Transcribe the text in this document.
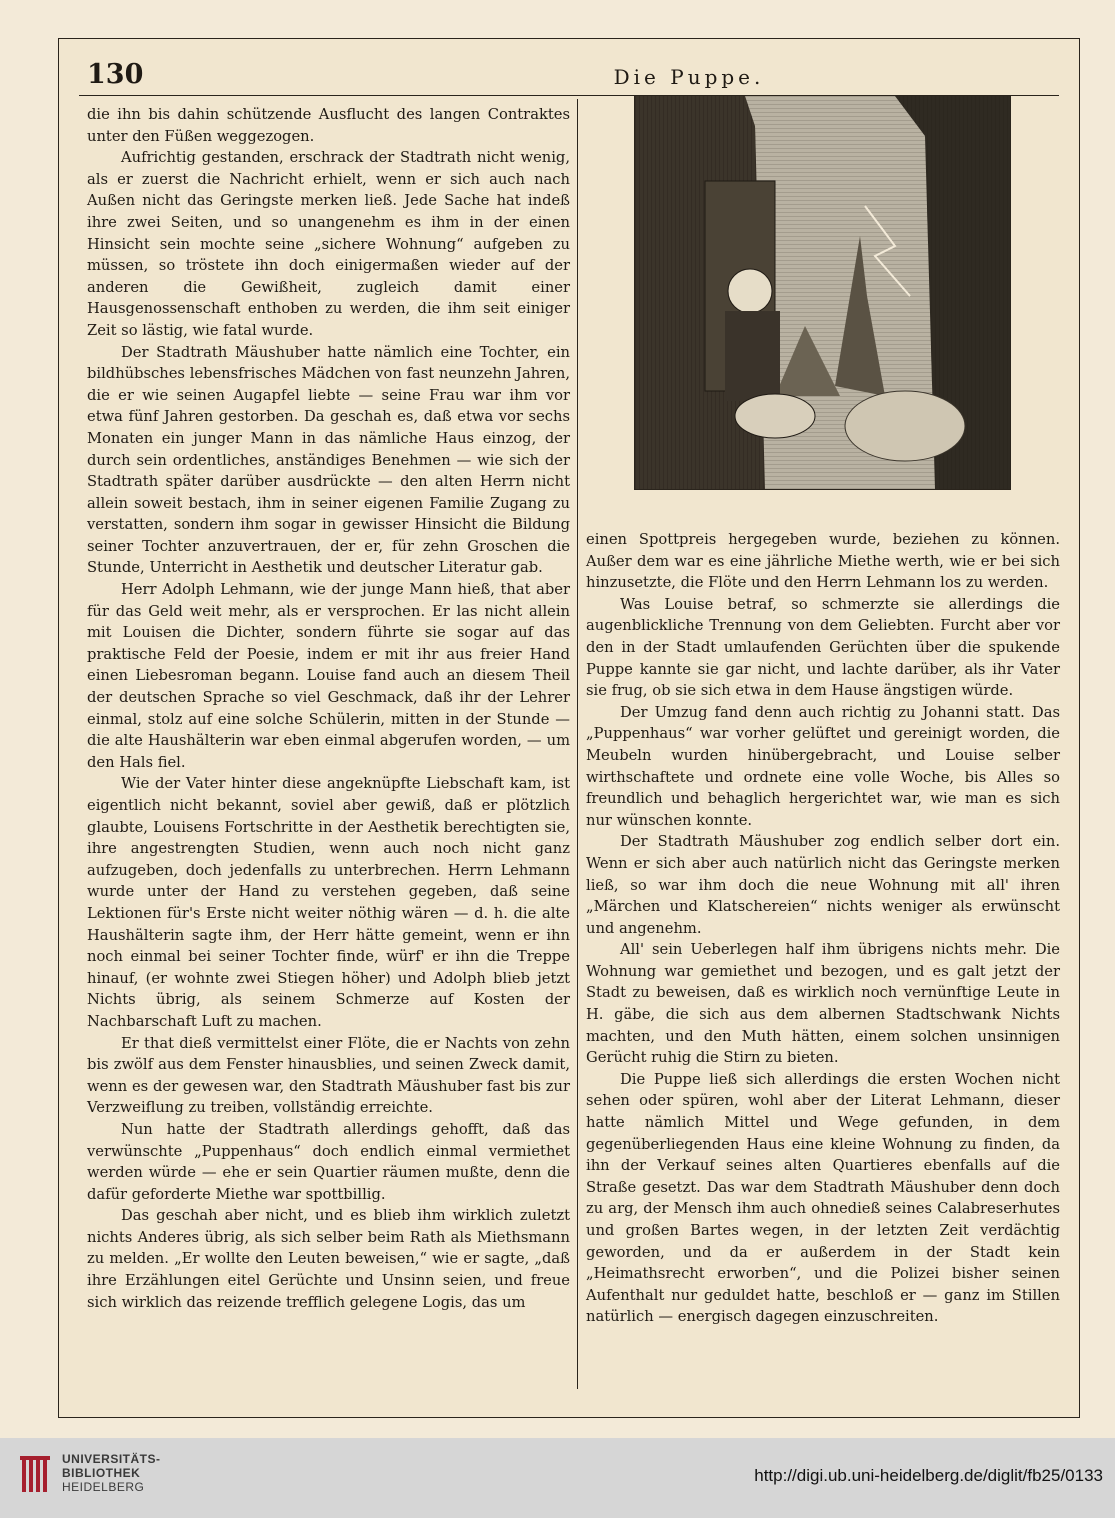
130	Die Puppe.

die ihn bis dahin schützende Ausflucht des langen Contraktes unter den Füßen weggezogen.

Aufrichtig gestanden, erschrack der Stadtrath nicht wenig, als er zuerst die Nachricht erhielt, wenn er sich auch nach Außen nicht das Geringste merken ließ. Jede Sache hat indeß ihre zwei Seiten, und so unangenehm es ihm in der einen Hinsicht sein mochte seine „sichere Wohnung“ aufgeben zu müssen, so tröstete ihn doch einigermaßen wieder auf der anderen die Gewißheit, zugleich damit einer Hausgenossenschaft enthoben zu werden, die ihm seit einiger Zeit so lästig, wie fatal wurde.

Der Stadtrath Mäushuber hatte nämlich eine Tochter, ein bildhübsches lebensfrisches Mädchen von fast neunzehn Jahren, die er wie seinen Augapfel liebte — seine Frau war ihm vor etwa fünf Jahren gestorben. Da geschah es, daß etwa vor sechs Monaten ein junger Mann in das nämliche Haus einzog, der durch sein ordentliches, anständiges Benehmen — wie sich der Stadtrath später darüber ausdrückte — den alten Herrn nicht allein soweit bestach, ihm in seiner eigenen Familie Zugang zu verstatten, sondern ihm sogar in gewisser Hinsicht die Bildung seiner Tochter anzuvertrauen, der er, für zehn Groschen die Stunde, Unterricht in Aesthetik und deutscher Literatur gab.

Herr Adolph Lehmann, wie der junge Mann hieß, that aber für das Geld weit mehr, als er versprochen. Er las nicht allein mit Louisen die Dichter, sondern führte sie sogar auf das praktische Feld der Poesie, indem er mit ihr aus freier Hand einen Liebesroman begann. Louise fand auch an diesem Theil der deutschen Sprache so viel Geschmack, daß ihr der Lehrer einmal, stolz auf eine solche Schülerin, mitten in der Stunde — die alte Haushälterin war eben einmal abgerufen worden, — um den Hals fiel.

Wie der Vater hinter diese angeknüpfte Liebschaft kam, ist eigentlich nicht bekannt, soviel aber gewiß, daß er plötzlich glaubte, Louisens Fortschritte in der Aesthetik berechtigten sie, ihre angestrengten Studien, wenn auch noch nicht ganz aufzugeben, doch jedenfalls zu unterbrechen. Herrn Lehmann wurde unter der Hand zu verstehen gegeben, daß seine Lektionen für's Erste nicht weiter nöthig wären — d. h. die alte Haushälterin sagte ihm, der Herr hätte gemeint, wenn er ihn noch einmal bei seiner Tochter finde, würf' er ihn die Treppe hinauf, (er wohnte zwei Stiegen höher) und Adolph blieb jetzt Nichts übrig, als seinem Schmerze auf Kosten der Nachbarschaft Luft zu machen.

Er that dieß vermittelst einer Flöte, die er Nachts von zehn bis zwölf aus dem Fenster hinausblies, und seinen Zweck damit, wenn es der gewesen war, den Stadtrath Mäushuber fast bis zur Verzweiflung zu treiben, vollständig erreichte.

Nun hatte der Stadtrath allerdings gehofft, daß das verwünschte „Puppenhaus“ doch endlich einmal vermiethet werden würde — ehe er sein Quartier räumen mußte, denn die dafür geforderte Miethe war spottbillig.

Das geschah aber nicht, und es blieb ihm wirklich zuletzt nichts Anderes übrig, als sich selber beim Rath als Miethsmann zu melden. „Er wollte den Leuten beweisen,“ wie er sagte, „daß ihre Erzählungen eitel Gerüchte und Unsinn seien, und freue sich wirklich das reizende trefflich gelegene Logis, das um

einen Spottpreis hergegeben wurde, beziehen zu können. Außer dem war es eine jährliche Miethe werth, wie er bei sich hinzusetzte, die Flöte und den Herrn Lehmann los zu werden.

Was Louise betraf, so schmerzte sie allerdings die augenblickliche Trennung von dem Geliebten. Furcht aber vor den in der Stadt umlaufenden Gerüchten über die spukende Puppe kannte sie gar nicht, und lachte darüber, als ihr Vater sie frug, ob sie sich etwa in dem Hause ängstigen würde.

Der Umzug fand denn auch richtig zu Johanni statt. Das „Puppenhaus“ war vorher gelüftet und gereinigt worden, die Meubeln wurden hinübergebracht, und Louise selber wirthschaftete und ordnete eine volle Woche, bis Alles so freundlich und behaglich hergerichtet war, wie man es sich nur wünschen konnte.

Der Stadtrath Mäushuber zog endlich selber dort ein. Wenn er sich aber auch natürlich nicht das Geringste merken ließ, so war ihm doch die neue Wohnung mit all' ihren „Märchen und Klatschereien“ nichts weniger als erwünscht und angenehm.

All' sein Ueberlegen half ihm übrigens nichts mehr. Die Wohnung war gemiethet und bezogen, und es galt jetzt der Stadt zu beweisen, daß es wirklich noch vernünftige Leute in H. gäbe, die sich aus dem albernen Stadtschwank Nichts machten, und den Muth hätten, einem solchen unsinnigen Gerücht ruhig die Stirn zu bieten.

Die Puppe ließ sich allerdings die ersten Wochen nicht sehen oder spüren, wohl aber der Literat Lehmann, dieser hatte nämlich Mittel und Wege gefunden, in dem gegenüberliegenden Haus eine kleine Wohnung zu finden, da ihn der Verkauf seines alten Quartieres ebenfalls auf die Straße gesetzt. Das war dem Stadtrath Mäushuber denn doch zu arg, der Mensch ihm auch ohnedieß seines Calabreserhutes und großen Bartes wegen, in der letzten Zeit verdächtig geworden, und da er außerdem in der Stadt kein „Heimathsrecht erworben“, und die Polizei bisher seinen Aufenthalt nur geduldet hatte, beschloß er — ganz im Stillen natürlich — energisch dagegen einzuschreiten.

UNIVERSITÄTS-
BIBLIOTHEK
HEIDELBERG
http://digi.ub.uni-heidelberg.de/diglit/fb25/0133
